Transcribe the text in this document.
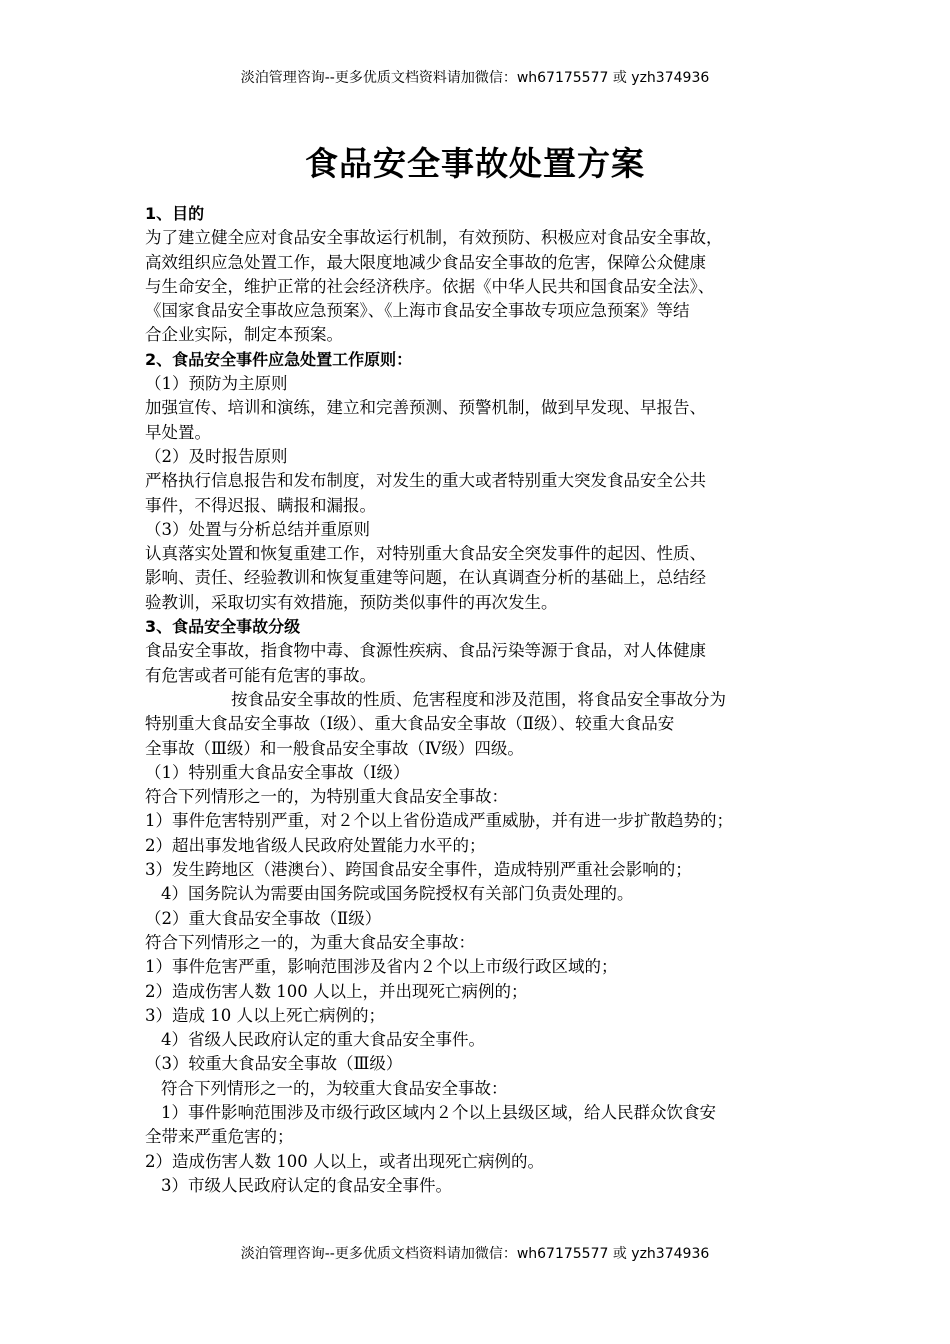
淡泊管理咨询--更多优质文档资料请加微信：wh67175577 或 yzh374936
食品安全事故处置方案

1、目的

为了建立健全应对食品安全事故运行机制，有效预防、积极应对食品安全事故，

高效组织应急处置工作，最大限度地减少食品安全事故的危害，保障公众健康

与生命安全，维护正常的社会经济秩序。依据《中华人民共和国食品安全法》、

《国家食品安全事故应急预案》、《上海市食品安全事故专项应急预案》等结

合企业实际，制定本预案。

2、食品安全事件应急处置工作原则：

（1）预防为主原则

加强宣传、培训和演练，建立和完善预测、预警机制，做到早发现、早报告、

早处置。

（2）及时报告原则

严格执行信息报告和发布制度，对发生的重大或者特别重大突发食品安全公共

事件，不得迟报、瞒报和漏报。

（3）处置与分析总结并重原则

认真落实处置和恢复重建工作，对特别重大食品安全突发事件的起因、性质、

影响、责任、经验教训和恢复重建等问题，在认真调查分析的基础上，总结经

验教训，采取切实有效措施，预防类似事件的再次发生。

3、食品安全事故分级

食品安全事故，指食物中毒、食源性疾病、食品污染等源于食品，对人体健康

有危害或者可能有危害的事故。

按食品安全事故的性质、危害程度和涉及范围，将食品安全事故分为

特别重大食品安全事故（Ⅰ级）、重大食品安全事故（Ⅱ级）、较重大食品安

全事故（Ⅲ级）和一般食品安全事故（Ⅳ级）四级。

（1）特别重大食品安全事故（Ⅰ级）

符合下列情形之一的，为特别重大食品安全事故：

1）事件危害特别严重，对２个以上省份造成严重威胁，并有进一步扩散趋势的；

2）超出事发地省级人民政府处置能力水平的；

3）发生跨地区（港澳台）、跨国食品安全事件，造成特别严重社会影响的；

4）国务院认为需要由国务院或国务院授权有关部门负责处理的。

（2）重大食品安全事故（Ⅱ级）

符合下列情形之一的，为重大食品安全事故：

1）事件危害严重，影响范围涉及省内２个以上市级行政区域的；

2）造成伤害人数 100 人以上，并出现死亡病例的；

3）造成 10 人以上死亡病例的；

4）省级人民政府认定的重大食品安全事件。

（3）较重大食品安全事故（Ⅲ级）

符合下列情形之一的，为较重大食品安全事故：

1）事件影响范围涉及市级行政区域内２个以上县级区域，给人民群众饮食安

全带来严重危害的；

2）造成伤害人数 100 人以上，或者出现死亡病例的。

3）市级人民政府认定的食品安全事件。

淡泊管理咨询--更多优质文档资料请加微信：wh67175577 或 yzh374936
